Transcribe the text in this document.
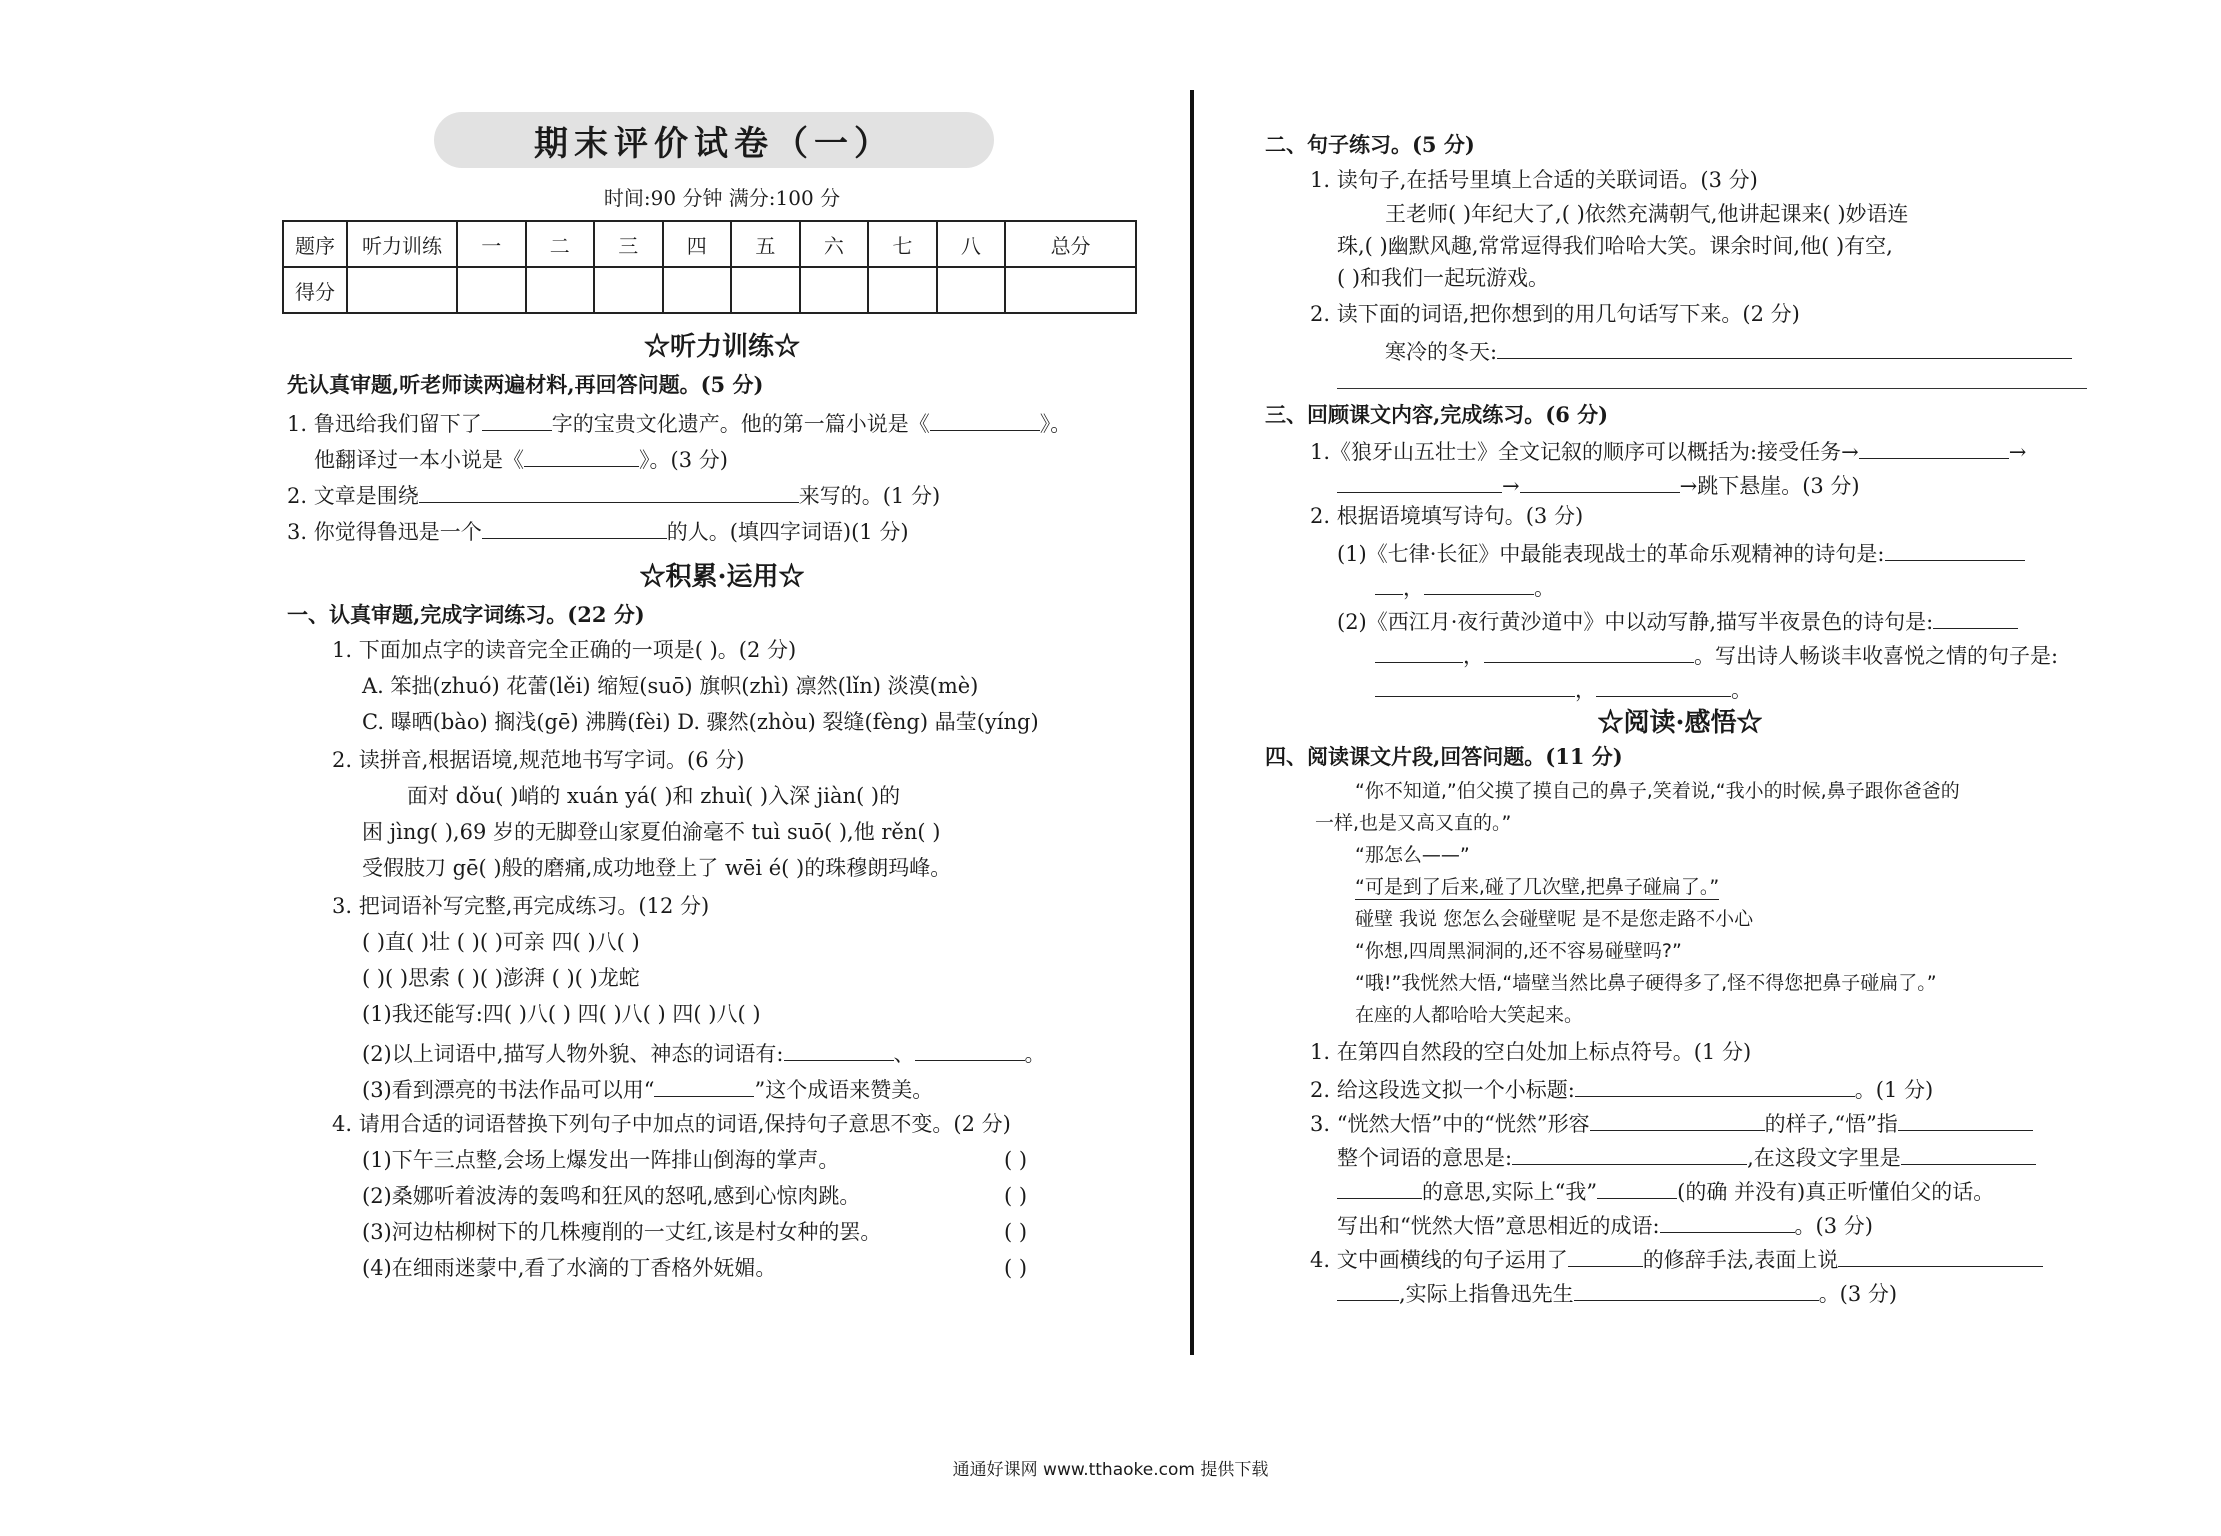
期末评价试卷（一）
时间:90 分钟 满分:100 分
题序	听力训练	一	二	三	四	五	六	七	八	总分
得分										
☆听力训练☆
先认真审题,听老师读两遍材料,再回答问题。(5 分)
1. 鲁迅给我们留下了	字的宝贵文化遗产。他的第一篇小说是《	》。
他翻译过一本小说是《	》。(3 分)
2. 文章是围绕	来写的。(1 分)
3. 你觉得鲁迅是一个	的人。(填四字词语)(1 分)
☆积累·运用☆
一、认真审题,完成字词练习。(22 分)
1. 下面加点字的读音完全正确的一项是( )。(2 分)
A. 笨拙(zhuó) 花蕾(lěi) 缩短(suō) 旗帜(zhì) 凛然(lǐn) 淡漠(mè)
C. 曝晒(bào) 搁浅(gē) 沸腾(fèi) D. 骤然(zhòu) 裂缝(fèng) 晶莹(yíng)
2. 读拼音,根据语境,规范地书写字词。(6 分)
面对 dǒu( )峭的 xuán yá( )和 zhuì( )入深 jiàn( )的
困 jìng( ),69 岁的无脚登山家夏伯渝毫不 tuì suō( ),他 rěn( )
受假肢刀 gē( )般的磨痛,成功地登上了 wēi é( )的珠穆朗玛峰。
3. 把词语补写完整,再完成练习。(12 分)
( )直( )壮 ( )( )可亲 四( )八( )
( )( )思索 ( )( )澎湃 ( )( )龙蛇
(1)我还能写:四( )八( ) 四( )八( ) 四( )八( )
(2)以上词语中,描写人物外貌、神态的词语有:	、	。
(3)看到漂亮的书法作品可以用“	”这个成语来赞美。
4. 请用合适的词语替换下列句子中加点的词语,保持句子意思不变。(2 分)
(1)下午三点整,会场上爆发出一阵排山倒海的掌声。	( )
(2)桑娜听着波涛的轰鸣和狂风的怒吼,感到心惊肉跳。	( )
(3)河边枯柳树下的几株瘦削的一丈红,该是村女种的罢。	( )
(4)在细雨迷蒙中,看了水滴的丁香格外妩媚。	( )
二、句子练习。(5 分)
1. 读句子,在括号里填上合适的关联词语。(3 分)
王老师( )年纪大了,( )依然充满朝气,他讲起课来( )妙语连
珠,( )幽默风趣,常常逗得我们哈哈大笑。课余时间,他( )有空,
( )和我们一起玩游戏。
2. 读下面的词语,把你想到的用几句话写下来。(2 分)
寒冷的冬天:
三、回顾课文内容,完成练习。(6 分)
1.《狼牙山五壮士》全文记叙的顺序可以概括为:接受任务→	→
→	→跳下悬崖。(3 分)
2. 根据语境填写诗句。(3 分)
(1)《七律·长征》中最能表现战士的革命乐观精神的诗句是:
，	。
(2)《西江月·夜行黄沙道中》中以动写静,描写半夜景色的诗句是:
，	。写出诗人畅谈丰收喜悦之情的句子是:
，	。
☆阅读·感悟☆
四、阅读课文片段,回答问题。(11 分)
“你不知道,”伯父摸了摸自己的鼻子,笑着说,“我小的时候,鼻子跟你爸爸的
一样,也是又高又直的。”
“那怎么——”
“可是到了后来,碰了几次壁,把鼻子碰扁了。”
碰壁 我说 您怎么会碰壁呢 是不是您走路不小心
“你想,四周黑洞洞的,还不容易碰壁吗?”
“哦!”我恍然大悟,“墙壁当然比鼻子硬得多了,怪不得您把鼻子碰扁了。”
在座的人都哈哈大笑起来。
1. 在第四自然段的空白处加上标点符号。(1 分)
2. 给这段选文拟一个小标题:	。(1 分)
3. “恍然大悟”中的“恍然”形容	的样子,“悟”指
整个词语的意思是:	,在这段文字里是
的意思,实际上“我”	(的确 并没有)真正听懂伯父的话。
写出和“恍然大悟”意思相近的成语:	。(3 分)
4. 文中画横线的句子运用了	的修辞手法,表面上说
,实际上指鲁迅先生	。(3 分)
通通好课网 www.tthaoke.com 提供下载
